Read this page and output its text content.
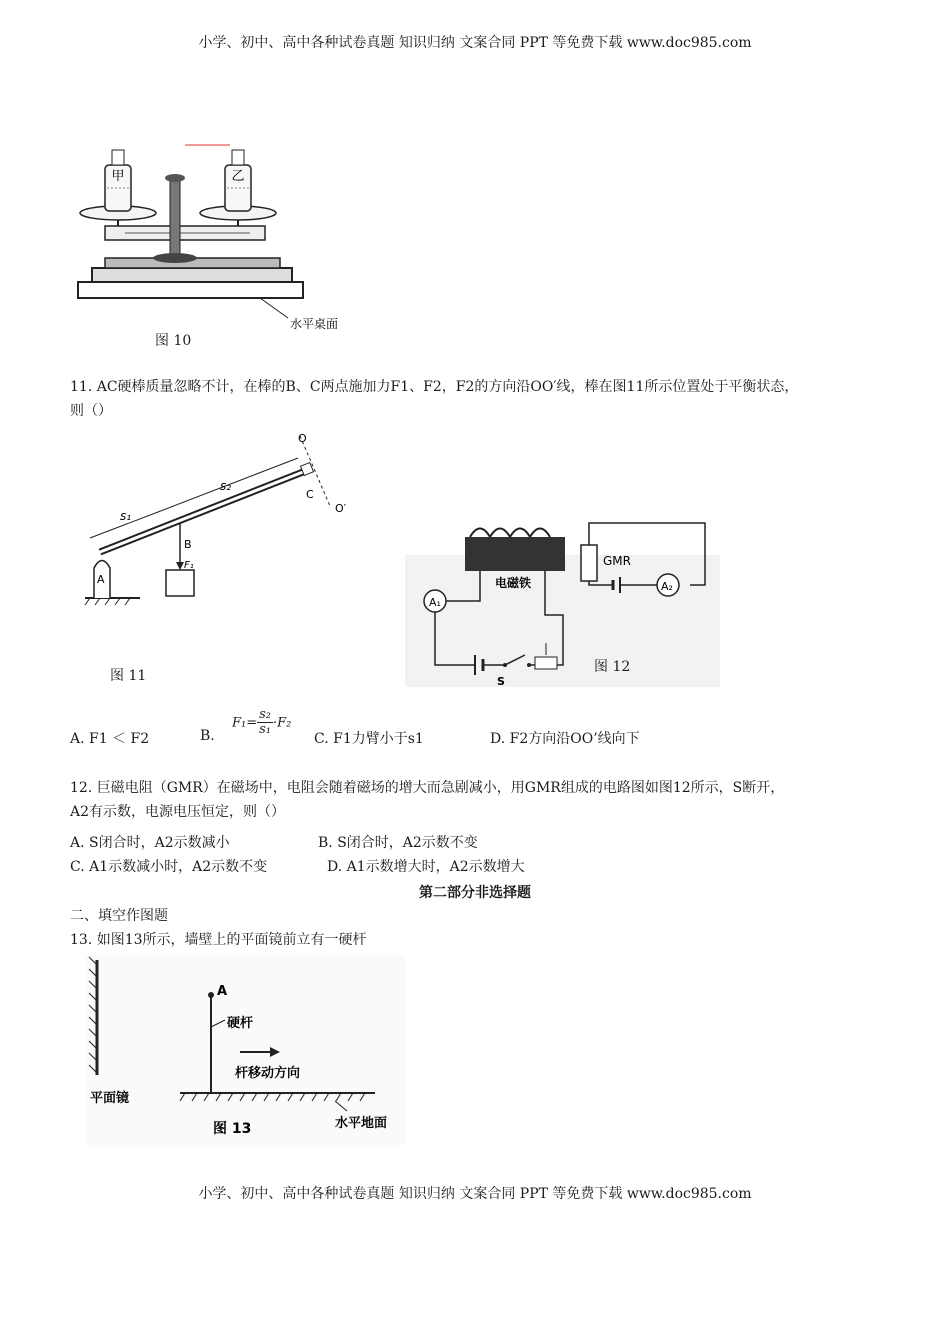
小学、初中、高中各种试卷真题 知识归纳 文案合同 PPT 等免费下载 www.doc985.com
甲	乙
水平桌面
图 10
11. AC硬棒质量忽略不计，在棒的B、C两点施加力F1、F2，F2的方向沿OO′线，棒在图11所示位置处于平衡状态，
则（）
A
O
O′
C
s₁
s₂
B
F₁
图 11
电磁铁
A₁
S
A₂
GMR
图 12
A. F1 ＜ F2	B.
$F_1= \frac{\text{s₂}}{\text{s₁}} \cdot F_2$
C. F1力臂小于s1	D. F2方向沿OO’线向下
12. 巨磁电阻（GMR）在磁场中，电阻会随着磁场的增大而急剧减小，用GMR组成的电路图如图12所示，S断开，
A2有示数，电源电压恒定，则（）
A. S闭合时，A2示数减小	B. S闭合时，A2示数不变
C. A1示数减小时，A2示数不变	D. A1示数增大时，A2示数增大
第二部分非选择题
二、填空作图题
13. 如图13所示，墙壁上的平面镜前立有一硬杆
平面镜
水平地面
A
硬杆
杆移动方向
图 13
小学、初中、高中各种试卷真题 知识归纳 文案合同 PPT 等免费下载 www.doc985.com
